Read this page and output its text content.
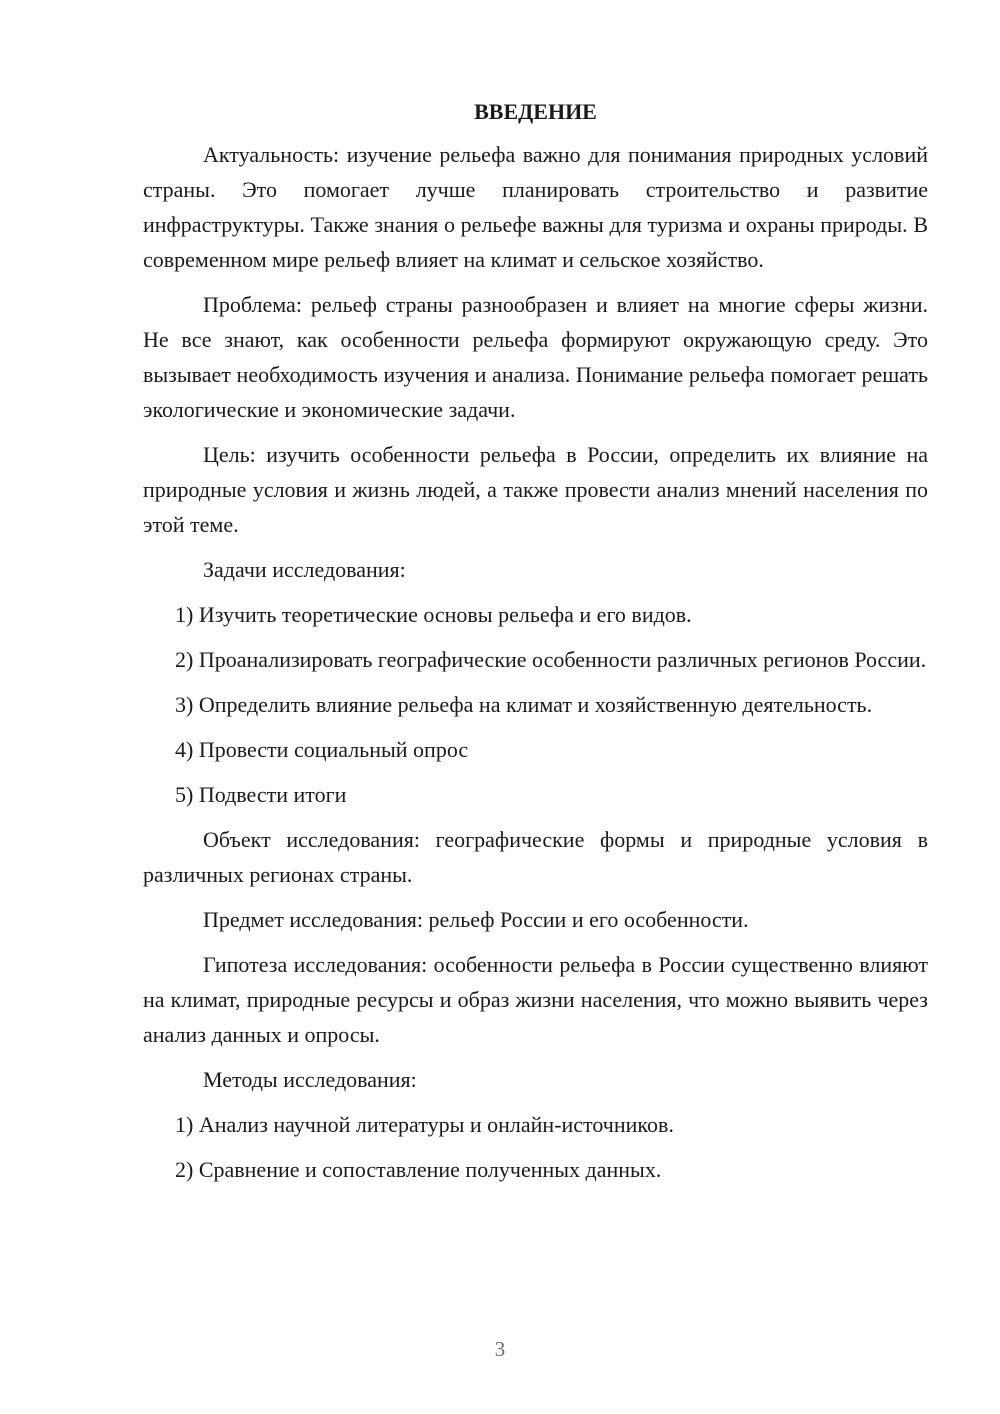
ВВЕДЕНИЕ

Актуальность: изучение рельефа важно для понимания природных условий страны. Это помогает лучше планировать строительство и развитие инфраструктуры. Также знания о рельефе важны для туризма и охраны природы. В современном мире рельеф влияет на климат и сельское хозяйство.

Проблема: рельеф страны разнообразен и влияет на многие сферы жизни. Не все знают, как особенности рельефа формируют окружающую среду. Это вызывает необходимость изучения и анализа. Понимание рельефа помогает решать экологические и экономические задачи.

Цель: изучить особенности рельефа в России, определить их влияние на природные условия и жизнь людей, а также провести анализ мнений населения по этой теме.

Задачи исследования:

1) Изучить теоретические основы рельефа и его видов.

2) Проанализировать географические особенности различных регионов России.

3) Определить влияние рельефа на климат и хозяйственную деятельность.

4) Провести социальный опрос

5) Подвести итоги

Объект исследования: географические формы и природные условия в различных регионах страны.

Предмет исследования: рельеф России и его особенности.

Гипотеза исследования: особенности рельефа в России существенно влияют на климат, природные ресурсы и образ жизни населения, что можно выявить через анализ данных и опросы.

Методы исследования:

1) Анализ научной литературы и онлайн-источников.

2) Сравнение и сопоставление полученных данных.

3
